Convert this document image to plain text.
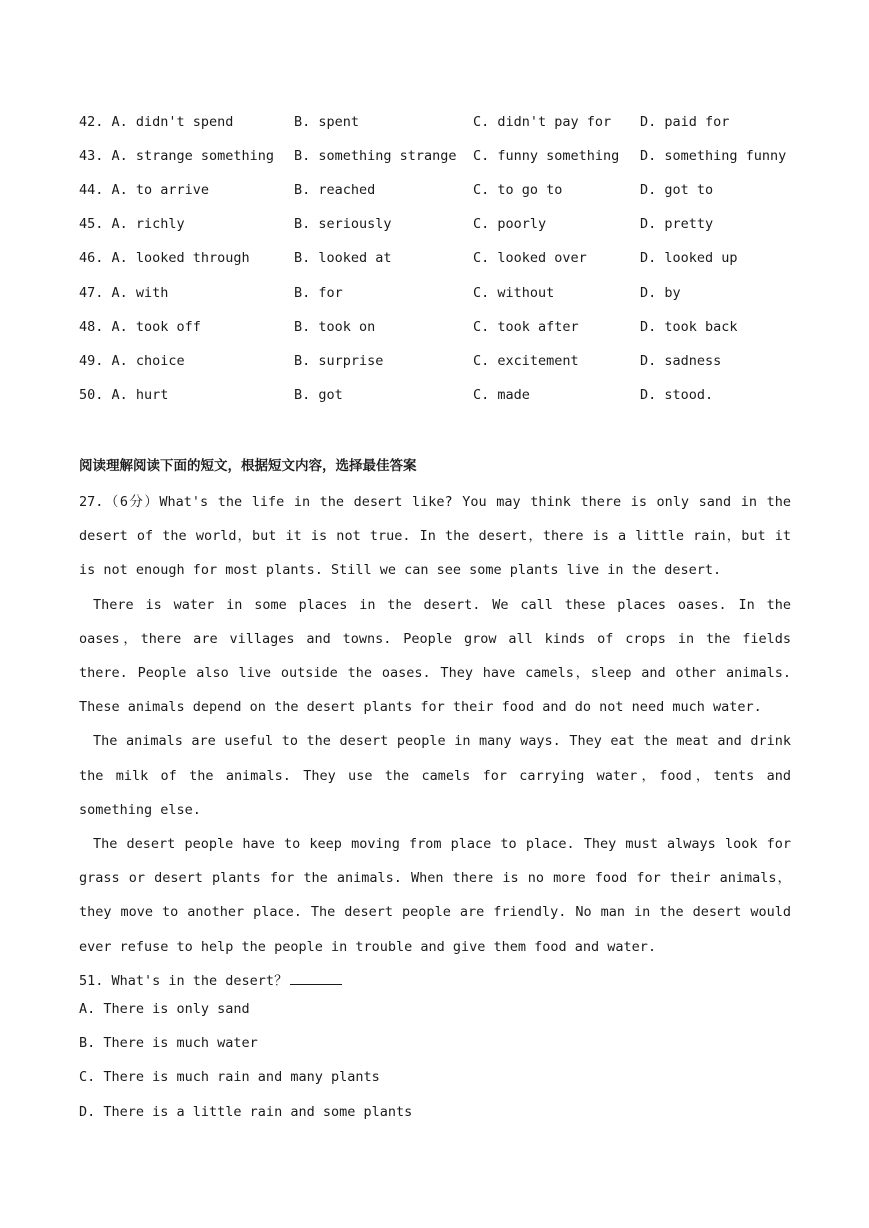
42. A. didn't spend

	B. spent

	C. didn't pay for

D. paid for

43. A. strange something

B. something strange

C. funny something

D. something funny

44. A. to arrive

	B. reached

	C. to go to

	D. got to

45. A. richly

	B. seriously

	C. poorly

	D. pretty

46. A. looked through

	B. looked at

	C. looked over

	D. looked up

47. A. with

	B. for

	C. without

	D. by

48. A. took off

	B. took on

	C. took after

	D. took back

49. A. choice

	B. surprise

	C. excitement

	D. sadness

50. A. hurt

	B. got

	C. made

	D. stood.

阅读理解阅读下面的短文，根据短文内容，选择最佳答案

27.（6分）What's the life in the desert like? You may think there is only sand in the desert of the world，but it is not true. In the desert，there is a little rain，but it is not enough for most plants. Still we can see some plants live in the desert.

There is water in some places in the desert. We call these places oases. In the oases，there are villages and towns. People grow all kinds of crops in the fields there. People also live outside the oases. They have camels，sleep and other animals. These animals depend on the desert plants for their food and do not need much water.

The animals are useful to the desert people in many ways. They eat the meat and drink the milk of the animals. They use the camels for carrying water，food，tents and something else.

The desert people have to keep moving from place to place. They must always look for grass or desert plants for the animals. When there is no more food for their animals，they move to another place. The desert people are friendly. No man in the desert would ever refuse to help the people in trouble and give them food and water.

51. What's in the desert？
A. There is only sand
B. There is much water
C. There is much rain and many plants
D. There is a little rain and some plants
